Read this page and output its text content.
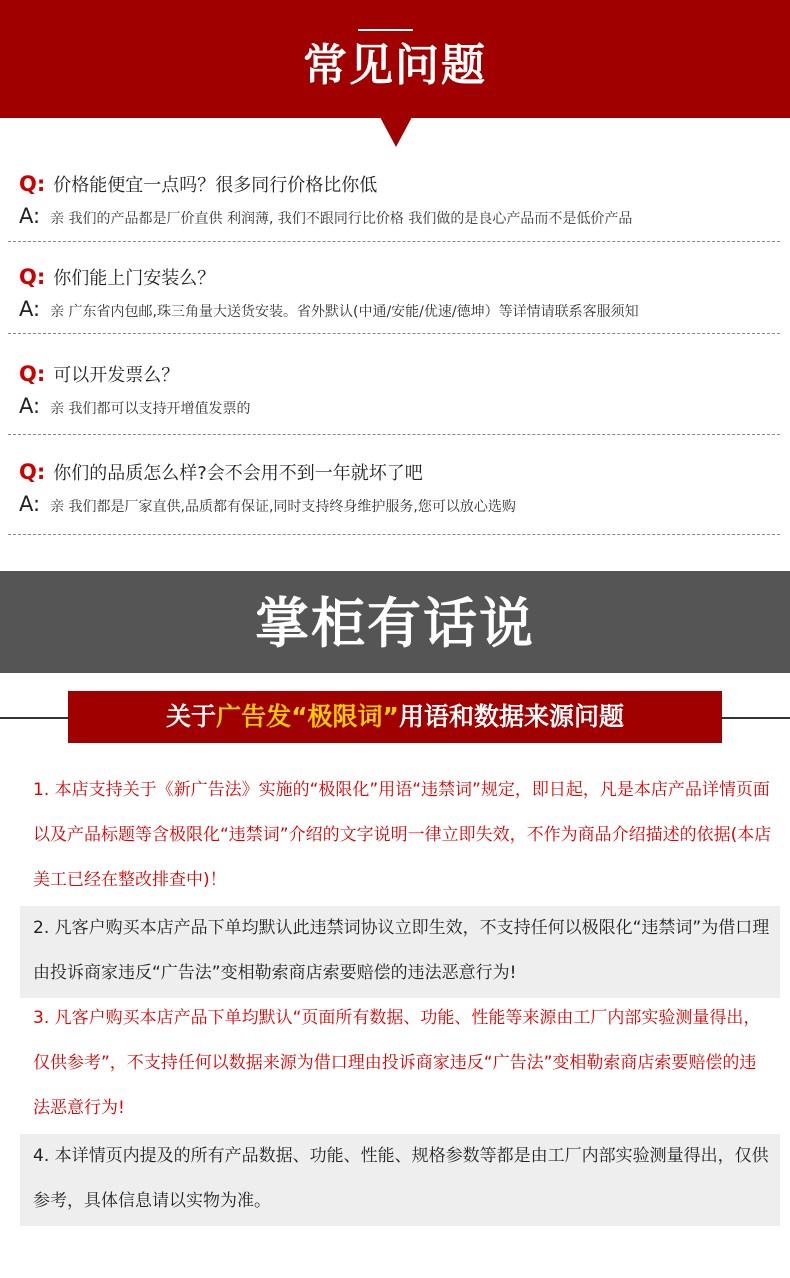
常见问题
Q: 价格能便宜一点吗？很多同行价格比你低
A: 亲 我们的产品都是厂价直供 利润薄, 我们不跟同行比价格 我们做的是良心产品而不是低价产品
Q: 你们能上门安装么？
A: 亲 广东省内包邮,珠三角量大送货安装。省外默认(中通/安能/优速/德坤）等详情请联系客服须知
Q: 可以开发票么？
A: 亲 我们都可以支持开增值发票的
Q: 你们的品质怎么样?会不会用不到一年就坏了吧
A: 亲 我们都是厂家直供,品质都有保证,同时支持终身维护服务,您可以放心选购
掌柜有话说
关于广告发“极限词”用语和数据来源问题
1. 本店支持关于《新广告法》实施的“极限化”用语“违禁词”规定，即日起，凡是本店产品详情页面以及产品标题等含极限化“违禁词”介绍的文字说明一律立即失效，不作为商品介绍描述的依据(本店美工已经在整改排查中)！
2. 凡客户购买本店产品下单均默认此违禁词协议立即生效，不支持任何以极限化“违禁词”为借口理由投诉商家违反“广告法”变相勒索商店索要赔偿的违法恶意行为!
3. 凡客户购买本店产品下单均默认“页面所有数据、功能、性能等来源由工厂内部实验测量得出，仅供参考”，不支持任何以数据来源为借口理由投诉商家违反“广告法”变相勒索商店索要赔偿的违法恶意行为!
4. 本详情页内提及的所有产品数据、功能、性能、规格参数等都是由工厂内部实验测量得出，仅供参考，具体信息请以实物为准。
